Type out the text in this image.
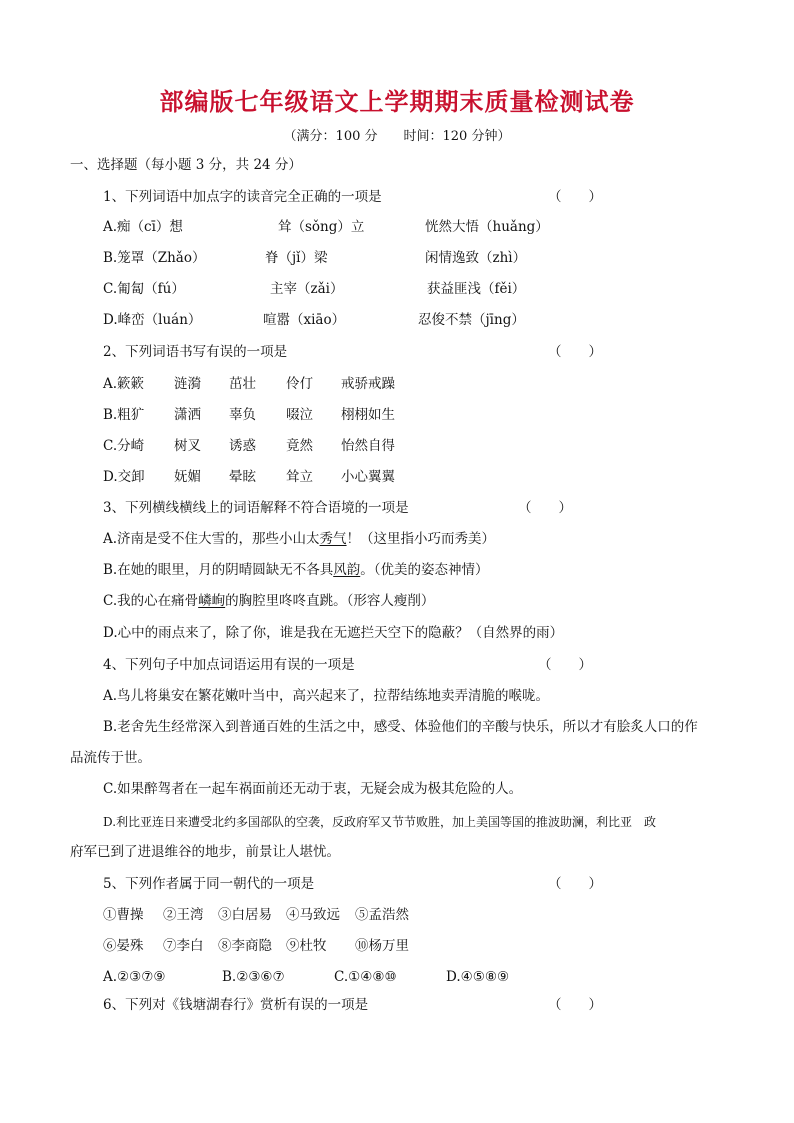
部编版七年级语文上学期期末质量检测试卷
（满分：100 分　　时间：120 分钟）
一、选择题（每小题 3 分，共 24 分）
1、下列词语中加点字的读音完全正确的一项是	（　　）
A.痴（cī）想	耸（sǒng）立	恍然大悟（huǎng）
B.笼罩（Zhǎo）	脊（jǐ）梁	闲情逸致（zhì）
C.匍匐（fú）	主宰（zǎi）	获益匪浅（fěi）
D.峰峦（luán）	喧嚣（xiāo）	忍俊不禁（jīng）
2、下列词语书写有误的一项是	（　　）
A.簌簌 涟漪 茁壮 伶仃 戒骄戒躁
B.粗犷 潇洒 辜负 啜泣 栩栩如生
C.分崎 树叉 诱惑 竟然 怡然自得
D.交卸 妩媚 晕眩 耸立 小心翼翼
3、下列横线横线上的词语解释不符合语境的一项是	（　　）
A.济南是受不住大雪的，那些小山太秀气！（这里指小巧而秀美）
B.在她的眼里，月的阴晴圆缺无不各具风韵。（优美的姿态神情）
C.我的心在痛骨嶙峋的胸腔里咚咚直跳。（形容人瘦削）
D.心中的雨点来了，除了你，谁是我在无遮拦天空下的隐蔽？（自然界的雨）
4、下列句子中加点词语运用有误的一项是	（　　）
A.鸟儿将巢安在繁花嫩叶当中，高兴起来了，拉帮结练地卖弄清脆的喉咙。
B.老舍先生经常深入到普通百姓的生活之中，感受、体验他们的辛酸与快乐，所以才有脍炙人口的作
品流传于世。
C.如果醉驾者在一起车祸面前还无动于衷，无疑会成为极其危险的人。
D.利比亚连日来遭受北约多国部队的空袭，反政府军又节节败胜，加上美国等国的推波助澜，利比亚　政
府军已到了进退维谷的地步，前景让人堪忧。
5、下列作者属于同一朝代的一项是	（　　）
①曹操 ②王湾 ③白居易 ④马致远 ⑤孟浩然
⑥晏殊 ⑦李白 ⑧李商隐 ⑨杜牧 ⑩杨万里
A.②③⑦⑨	B.②③⑥⑦	C.①④⑧⑩	D.④⑤⑧⑨
6、下列对《钱塘湖春行》赏析有误的一项是	（　　）
